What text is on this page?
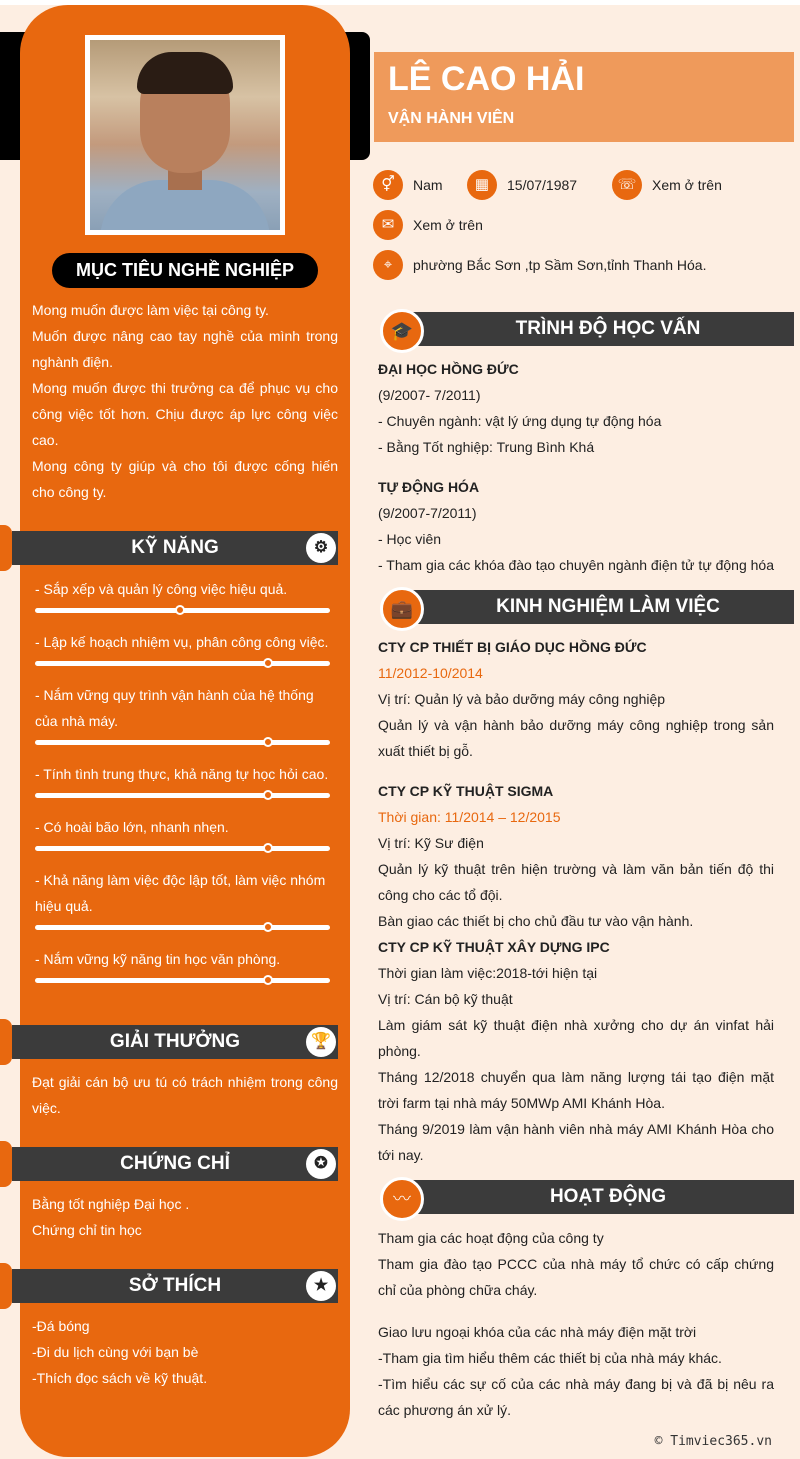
MỤC TIÊU NGHỀ NGHIỆP
Mong muốn được làm việc tại công ty.
Muốn được nâng cao tay nghề của mình trong nghành điện.
Mong muốn được thi trưởng ca để phục vụ cho công việc tốt hơn. Chịu được áp lực công việc cao.
Mong công ty giúp và cho tôi được cống hiến cho công ty.
KỸ NĂNG	⚙
- Sắp xếp và quản lý công việc hiệu quả.
- Lập kế hoạch nhiệm vụ, phân công công việc.
- Nắm vững quy trình vận hành của hệ thống của nhà máy.
- Tính tình trung thực, khả năng tự học hỏi cao.
- Có hoài bão lớn, nhanh nhẹn.
- Khả năng làm việc độc lập tốt, làm việc nhóm hiệu quả.
- Nắm vững kỹ năng tin học văn phòng.
GIẢI THƯỞNG	🏆
Đạt giải cán bộ ưu tú có trách nhiệm trong công việc.
CHỨNG CHỈ	✪
Bằng tốt nghiệp Đại học .
Chứng chỉ tin học
SỞ THÍCH	★
-Đá bóng
-Đi du lịch cùng với bạn bè
-Thích đọc sách về kỹ thuật.
LÊ CAO HẢI
VẬN HÀNH VIÊN
⚥	Nam	▦	15/07/1987	☏	Xem ở trên
✉	Xem ở trên
⌖	phường Bắc Sơn ,tp Sầm Sơn,tỉnh Thanh Hóa.
🎓	TRÌNH ĐỘ HỌC VẤN
ĐẠI HỌC HỒNG ĐỨC
(9/2007- 7/2011)
- Chuyên ngành: vật lý ứng dụng tự động hóa
- Bằng Tốt nghiệp: Trung Bình Khá
TỰ ĐỘNG HÓA
(9/2007-7/2011)
- Học viên
- Tham gia các khóa đào tạo chuyên ngành điện tử tự động hóa
💼	KINH NGHIỆM LÀM VIỆC
CTY CP THIẾT BỊ GIÁO DỤC HỒNG ĐỨC
11/2012-10/2014
Vị trí: Quản lý và bảo dưỡng máy công nghiệp
Quản lý và vận hành bảo dưỡng máy công nghiệp trong sản xuất thiết bị gỗ.
CTY CP KỸ THUẬT SIGMA
Thời gian: 11/2014 – 12/2015
Vị trí: Kỹ Sư điện
Quản lý kỹ thuật trên hiện trường và làm văn bản tiến độ thi công cho các tổ đội.
Bàn giao các thiết bị cho chủ đầu tư vào vận hành.
CTY CP KỸ THUẬT XÂY DỰNG IPC
Thời gian làm việc:2018-tới hiện tại
Vị trí: Cán bộ kỹ thuật
Làm giám sát kỹ thuật điện nhà xưởng cho dự án vinfat hải phòng.
Tháng 12/2018 chuyển qua làm năng lượng tái tạo điện mặt trời farm tại nhà máy 50MWp AMI Khánh Hòa.
Tháng 9/2019 làm vận hành viên nhà máy AMI Khánh Hòa cho tới nay.
〰	HOẠT ĐỘNG
Tham gia các hoạt động của công ty
Tham gia đào tạo PCCC của nhà máy tổ chức có cấp chứng chỉ của phòng chữa cháy.
Giao lưu ngoại khóa của các nhà máy điện mặt trời
-Tham gia tìm hiểu thêm các thiết bị của nhà máy khác.
-Tìm hiểu các sự cố của các nhà máy đang bị và đã bị nêu ra các phương án xử lý.
© Timviec365.vn
